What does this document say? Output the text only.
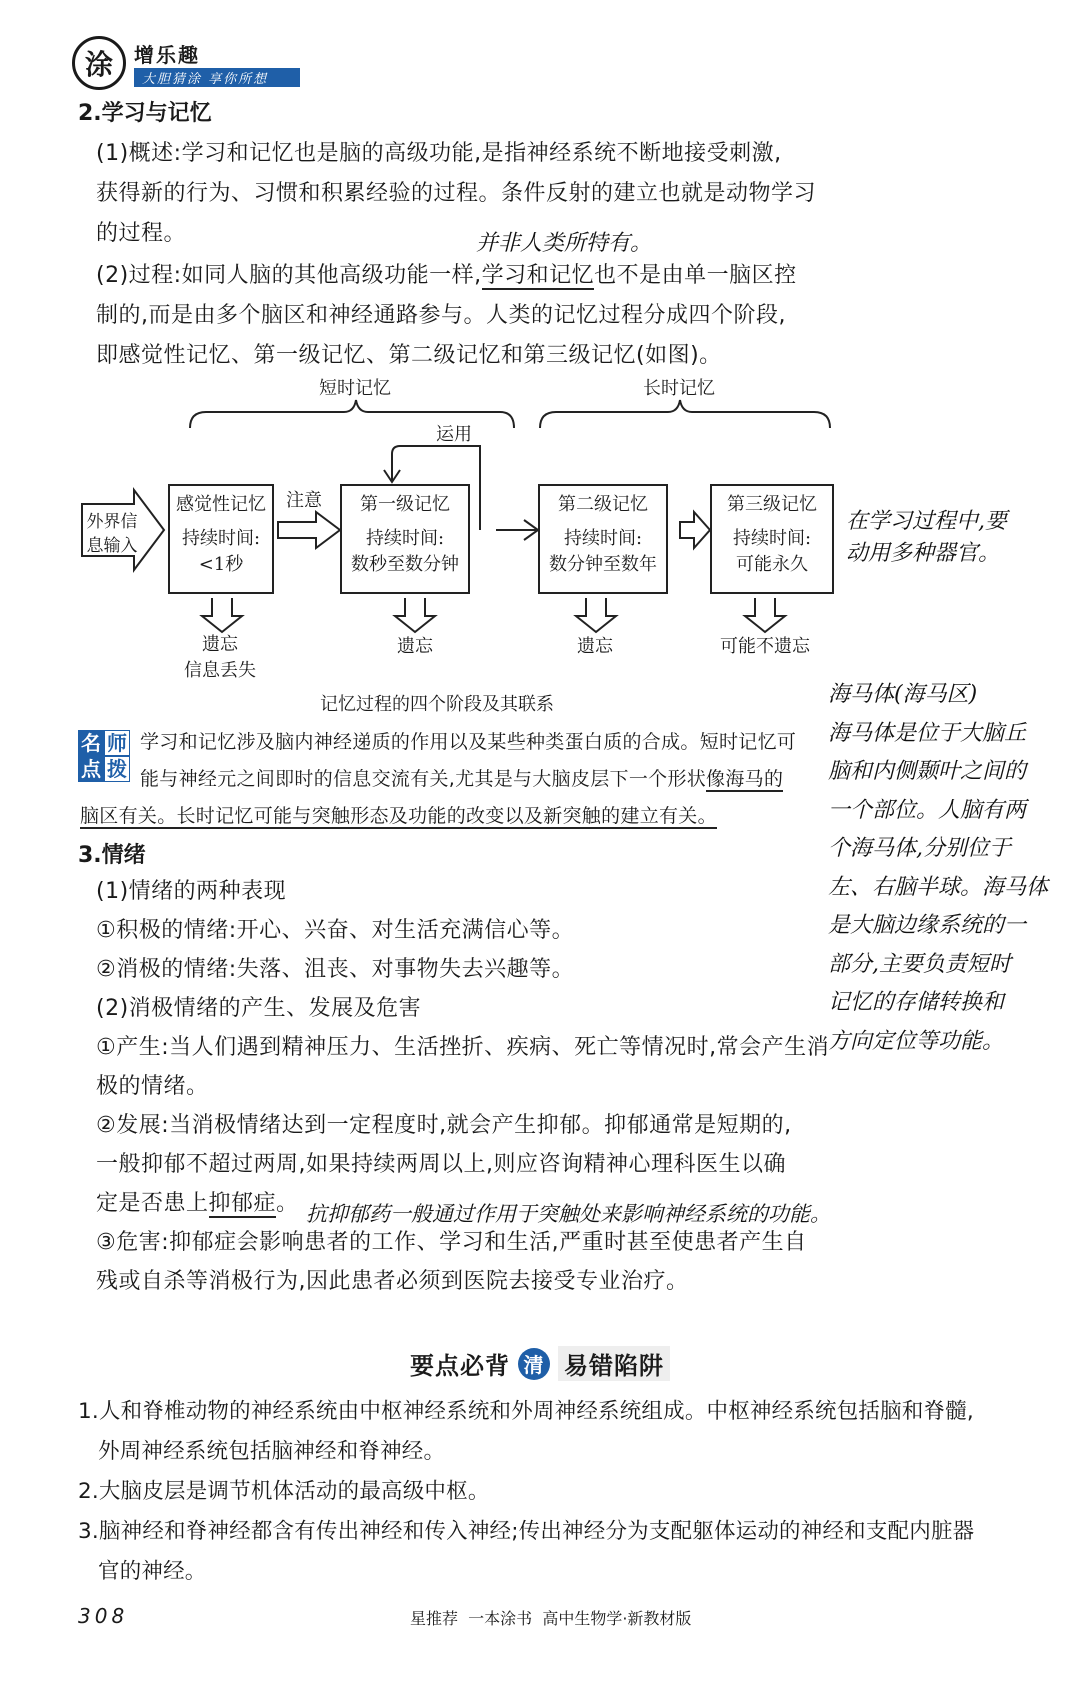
涂	增乐趣
大胆猜涂 享你所想
2.学习与记忆
(1)概述:学习和记忆也是脑的高级功能,是指神经系统不断地接受刺激,
获得新的行为、习惯和积累经验的过程。条件反射的建立也就是动物学习
的过程。	并非人类所特有。
(2)过程:如同人脑的其他高级功能一样,学习和记忆也不是由单一脑区控
制的,而是由多个脑区和神经通路参与。人类的记忆过程分成四个阶段,
即感觉性记忆、第一级记忆、第二级记忆和第三级记忆(如图)。
短时记忆	长时记忆
运用
外界信
息输入
注意
感觉性记忆
持续时间:
<1秒
第一级记忆
持续时间:
数秒至数分钟
第二级记忆
持续时间:
数分钟至数年
第三级记忆
持续时间:
可能永久
遗忘
信息丢失
遗忘	遗忘	可能不遗忘
在学习过程中,要
动用多种器官。
记忆过程的四个阶段及其联系	海马体(海马区)
海马体是位于大脑丘
脑和内侧颞叶之间的
一个部位。人脑有两
个海马体,分别位于
左、右脑半球。海马体
是大脑边缘系统的一
部分,主要负责短时
记忆的存储转换和
方向定位等功能。
名 师
点 拨
学习和记忆涉及脑内神经递质的作用以及某些种类蛋白质的合成。短时记忆可
能与神经元之间即时的信息交流有关,尤其是与大脑皮层下一个形状像海马的
脑区有关。长时记忆可能与突触形态及功能的改变以及新突触的建立有关。
3.情绪
(1)情绪的两种表现
①积极的情绪:开心、兴奋、对生活充满信心等。
②消极的情绪:失落、沮丧、对事物失去兴趣等。
(2)消极情绪的产生、发展及危害
①产生:当人们遇到精神压力、生活挫折、疾病、死亡等情况时,常会产生消
极的情绪。
②发展:当消极情绪达到一定程度时,就会产生抑郁。抑郁通常是短期的,
一般抑郁不超过两周,如果持续两周以上,则应咨询精神心理科医生以确
定是否患上抑郁症。
③危害:抑郁症会影响患者的工作、学习和生活,严重时甚至使患者产生自
残或自杀等消极行为,因此患者必须到医院去接受专业治疗。
抗抑郁药一般通过作用于突触处来影响神经系统的功能。
要点必背 清 易错陷阱
1.人和脊椎动物的神经系统由中枢神经系统和外周神经系统组成。中枢神经系统包括脑和脊髓,
外周神经系统包括脑神经和脊神经。
2.大脑皮层是调节机体活动的最高级中枢。
3.脑神经和脊神经都含有传出神经和传入神经;传出神经分为支配躯体运动的神经和支配内脏器
官的神经。
308	星推荐  一本涂书  高中生物学·新教材版
